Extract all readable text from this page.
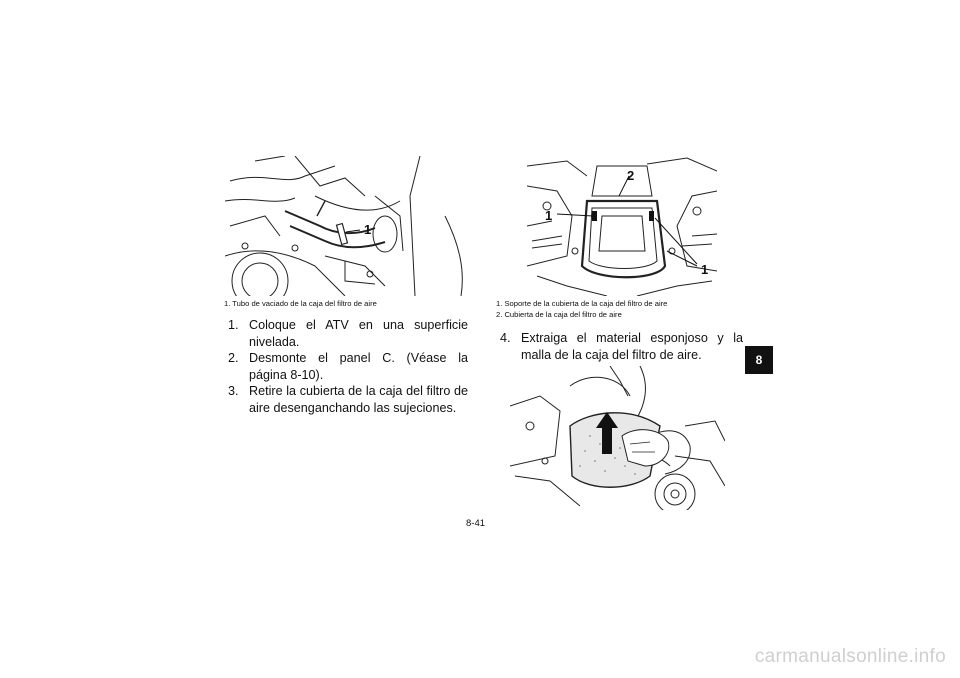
1
1. Tubo de vaciado de la caja del filtro de aire
1. Coloque el ATV en una superficie nivelada.
2. Desmonte el panel C. (Véase la página 8-10).
3. Retire la cubierta de la caja del filtro de aire desenganchando las sujeciones.
2
1
1
1. Soporte de la cubierta de la caja del filtro de aire
2. Cubierta de la caja del filtro de aire
4. Extraiga el material esponjoso y la malla de la caja del filtro de aire.	8
8-41
carmanualsonline.info
